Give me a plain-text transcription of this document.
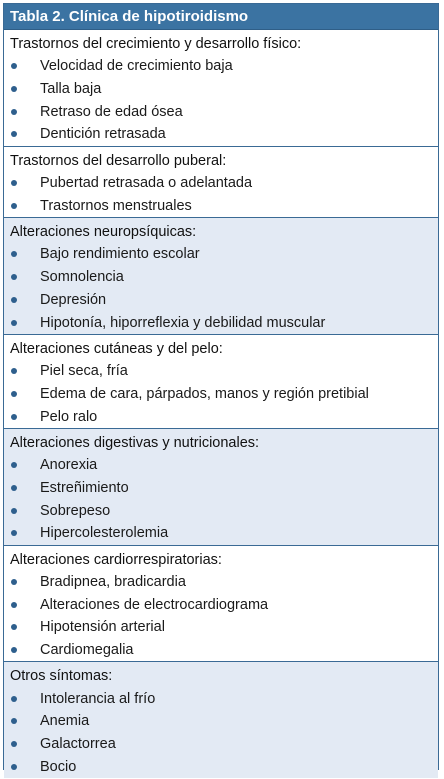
Tabla 2. Clínica de hipotiroidismo
Trastornos del crecimiento y desarrollo físico:
Velocidad de crecimiento baja
Talla baja
Retraso de edad ósea
Dentición retrasada
Trastornos del desarrollo puberal:
Pubertad retrasada o adelantada
Trastornos menstruales
Alteraciones neuropsíquicas:
Bajo rendimiento escolar
Somnolencia
Depresión
Hipotonía, hiporreflexia y debilidad muscular
Alteraciones cutáneas y del pelo:
Piel seca, fría
Edema de cara, párpados, manos y región pretibial
Pelo ralo
Alteraciones digestivas y nutricionales:
Anorexia
Estreñimiento
Sobrepeso
Hipercolesterolemia
Alteraciones cardiorrespiratorias:
Bradipnea, bradicardia
Alteraciones de electrocardiograma
Hipotensión arterial
Cardiomegalia
Otros síntomas:
Intolerancia al frío
Anemia
Galactorrea
Bocio
